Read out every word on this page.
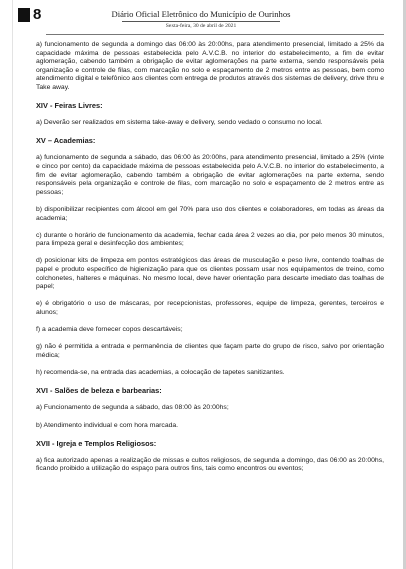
8	Diário Oficial Eletrônico do Município de Ourinhos
Sexta-feira, 30 de abril de 2021

a) funcionamento de segunda a domingo das 06:00 às 20:00hs, para atendimento presencial, limitado a 25% da capacidade máxima de pessoas estabelecida pelo A.V.C.B. no interior do estabelecimento, a fim de evitar aglomeração, cabendo também a obrigação de evitar aglomerações na parte externa, sendo responsáveis pela organização e controle de filas, com marcação no solo e espaçamento de 2 metros entre as pessoas, bem como atendimento digital e telefônico aos clientes com entrega de produtos através dos sistemas de delivery, drive thru e Take away.

XIV - Feiras Livres:

a) Deverão ser realizados em sistema take-away e delivery, sendo vedado o consumo no local.

XV – Academias:

a) funcionamento de segunda a sábado, das 06:00 às 20:00hs, para atendimento presencial, limitado a 25% (vinte e cinco por cento) da capacidade máxima de pessoas estabelecida pelo A.V.C.B. no interior do estabelecimento, a fim de evitar aglomeração, cabendo também a obrigação de evitar aglomerações na parte externa, sendo responsáveis pela organização e controle de filas, com marcação no solo e espaçamento de 2 metros entre as pessoas;

b) disponibilizar recipientes com álcool em gel 70% para uso dos clientes e colaboradores, em todas as áreas da academia;

c) durante o horário de funcionamento da academia, fechar cada área 2 vezes ao dia, por pelo menos 30 minutos, para limpeza geral e desinfecção dos ambientes;

d) posicionar kits de limpeza em pontos estratégicos das áreas de musculação e peso livre, contendo toalhas de papel e produto específico de higienização para que os clientes possam usar nos equipamentos de treino, como colchonetes, halteres e máquinas. No mesmo local, deve haver orientação para descarte imediato das toalhas de papel;

e) é obrigatório o uso de máscaras, por recepcionistas, professores, equipe de limpeza, gerentes, terceiros e alunos;

f) a academia deve fornecer copos descartáveis;

g) não é permitida a entrada e permanência de clientes que façam parte do grupo de risco, salvo por orientação médica;

h) recomenda-se, na entrada das academias, a colocação de tapetes sanitizantes.

XVI - Salões de beleza e barbearias:

a) Funcionamento de segunda a sábado, das 08:00 às 20:00hs;

b) Atendimento individual e com hora marcada.

XVII - Igreja e Templos Religiosos:

a) fica autorizado apenas a realização de missas e cultos religiosos, de segunda a domingo, das 06:00 as 20:00hs, ficando proibido a utilização do espaço para outros fins, tais como encontros ou eventos;
